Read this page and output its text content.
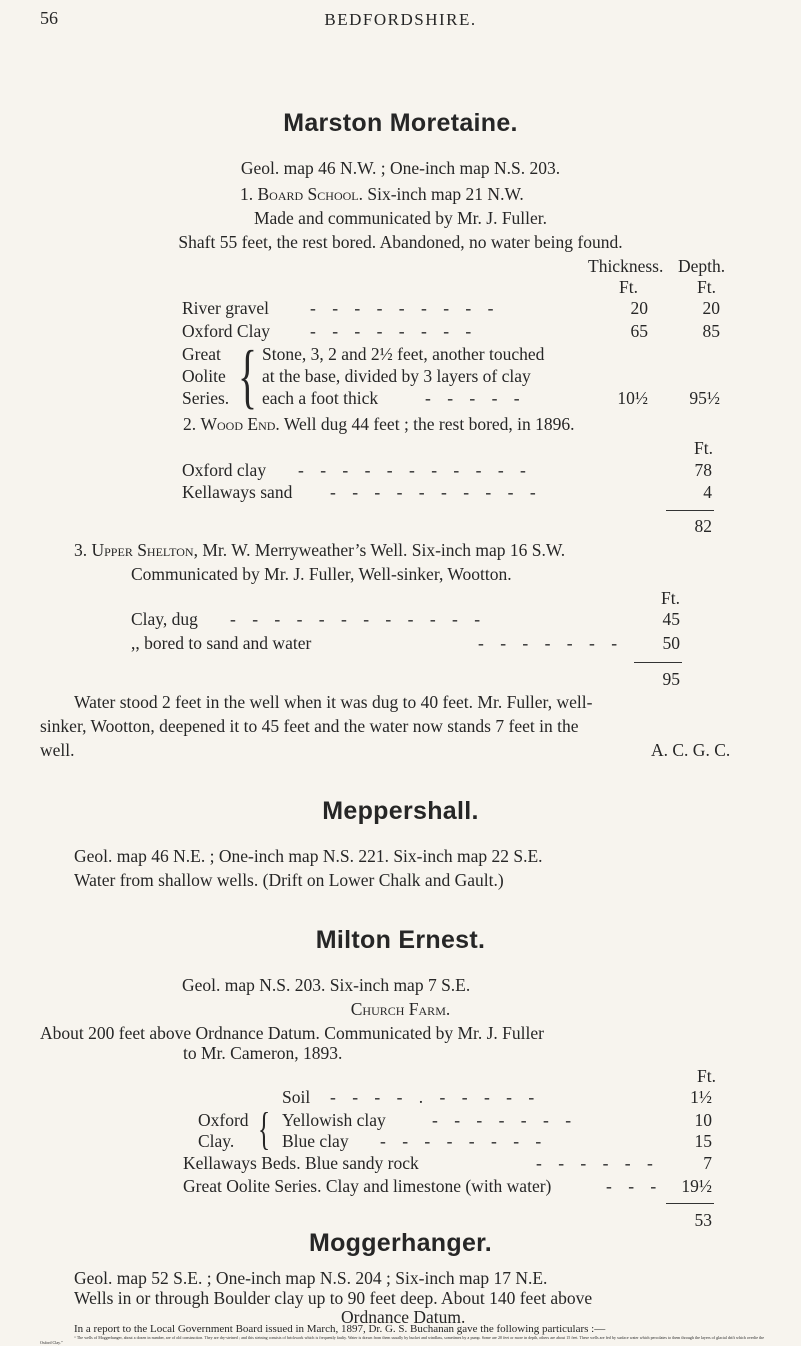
56	BEDFORDSHIRE.
Marston Moretaine.
Geol. map 46 N.W. ; One-inch map N.S. 203.
1. Board School. Six-inch map 21 N.W.
Made and communicated by Mr. J. Fuller.
Shaft 55 feet, the rest bored. Abandoned, no water being found.
Thickness. Depth.
Ft.	Ft.
River gravel - - - - - - - - -	20	20
Oxford Clay - - - - - - - -	65	85
Great
Oolite
Series. { Stone, 3, 2 and 2½ feet, another touched
at the base, divided by 3 layers of clay
each a foot thick	- - - - -	10½	95½
2. Wood End. Well dug 44 feet ; the rest bored, in 1896.
Ft.
Oxford clay - - - - - - - - - - -	78
Kellaways sand - - - - - - - - - -	4
82
3. Upper Shelton, Mr. W. Merryweather’s Well. Six-inch map 16 S.W.
Communicated by Mr. J. Fuller, Well-sinker, Wootton.
Ft.
Clay, dug - - - - - - - - - - - -	45
,, bored to sand and water	- - - - - - -	50
95
Water stood 2 feet in the well when it was dug to 40 feet. Mr. Fuller, well-
sinker, Wootton, deepened it to 45 feet and the water now stands 7 feet in the
well.	A. C. G. C.
Meppershall.
Geol. map 46 N.E. ; One-inch map N.S. 221. Six-inch map 22 S.E.
Water from shallow wells. (Drift on Lower Chalk and Gault.)
Milton Ernest.
Geol. map N.S. 203. Six-inch map 7 S.E.
Church Farm.
About 200 feet above Ordnance Datum. Communicated by Mr. J. Fuller
to Mr. Cameron, 1893.
Ft.
Soil - - - - . - - - - -	1½
Oxford
Clay. { Yellowish clay	- - - - - - -	10
Blue clay - - - - - - - -	15
Kellaways Beds. Blue sandy rock	- - - - - -	7
Great Oolite Series. Clay and limestone (with water)	- - -	19½
53
Moggerhanger.
Geol. map 52 S.E. ; One-inch map N.S. 204 ; Six-inch map 17 N.E.
Wells in or through Boulder clay up to 90 feet deep. About 140 feet above
Ordnance Datum.
In a report to the Local Government Board issued in March, 1897, Dr. G. S. Buchanan gave the following particulars :—
“ The wells of Moggerhanger, about a dozen in number, are of old construction. They are dry-steined ; and this steining consists of brickwork which is frequently faulty. Water is drawn from them usually by bucket and windlass, sometimes by a pump. Some are 20 feet or more in depth, others are about 15 feet. These wells are fed by surface water which percolates to them through the layers of glacial drift which overlie the Oxford Clay.”
